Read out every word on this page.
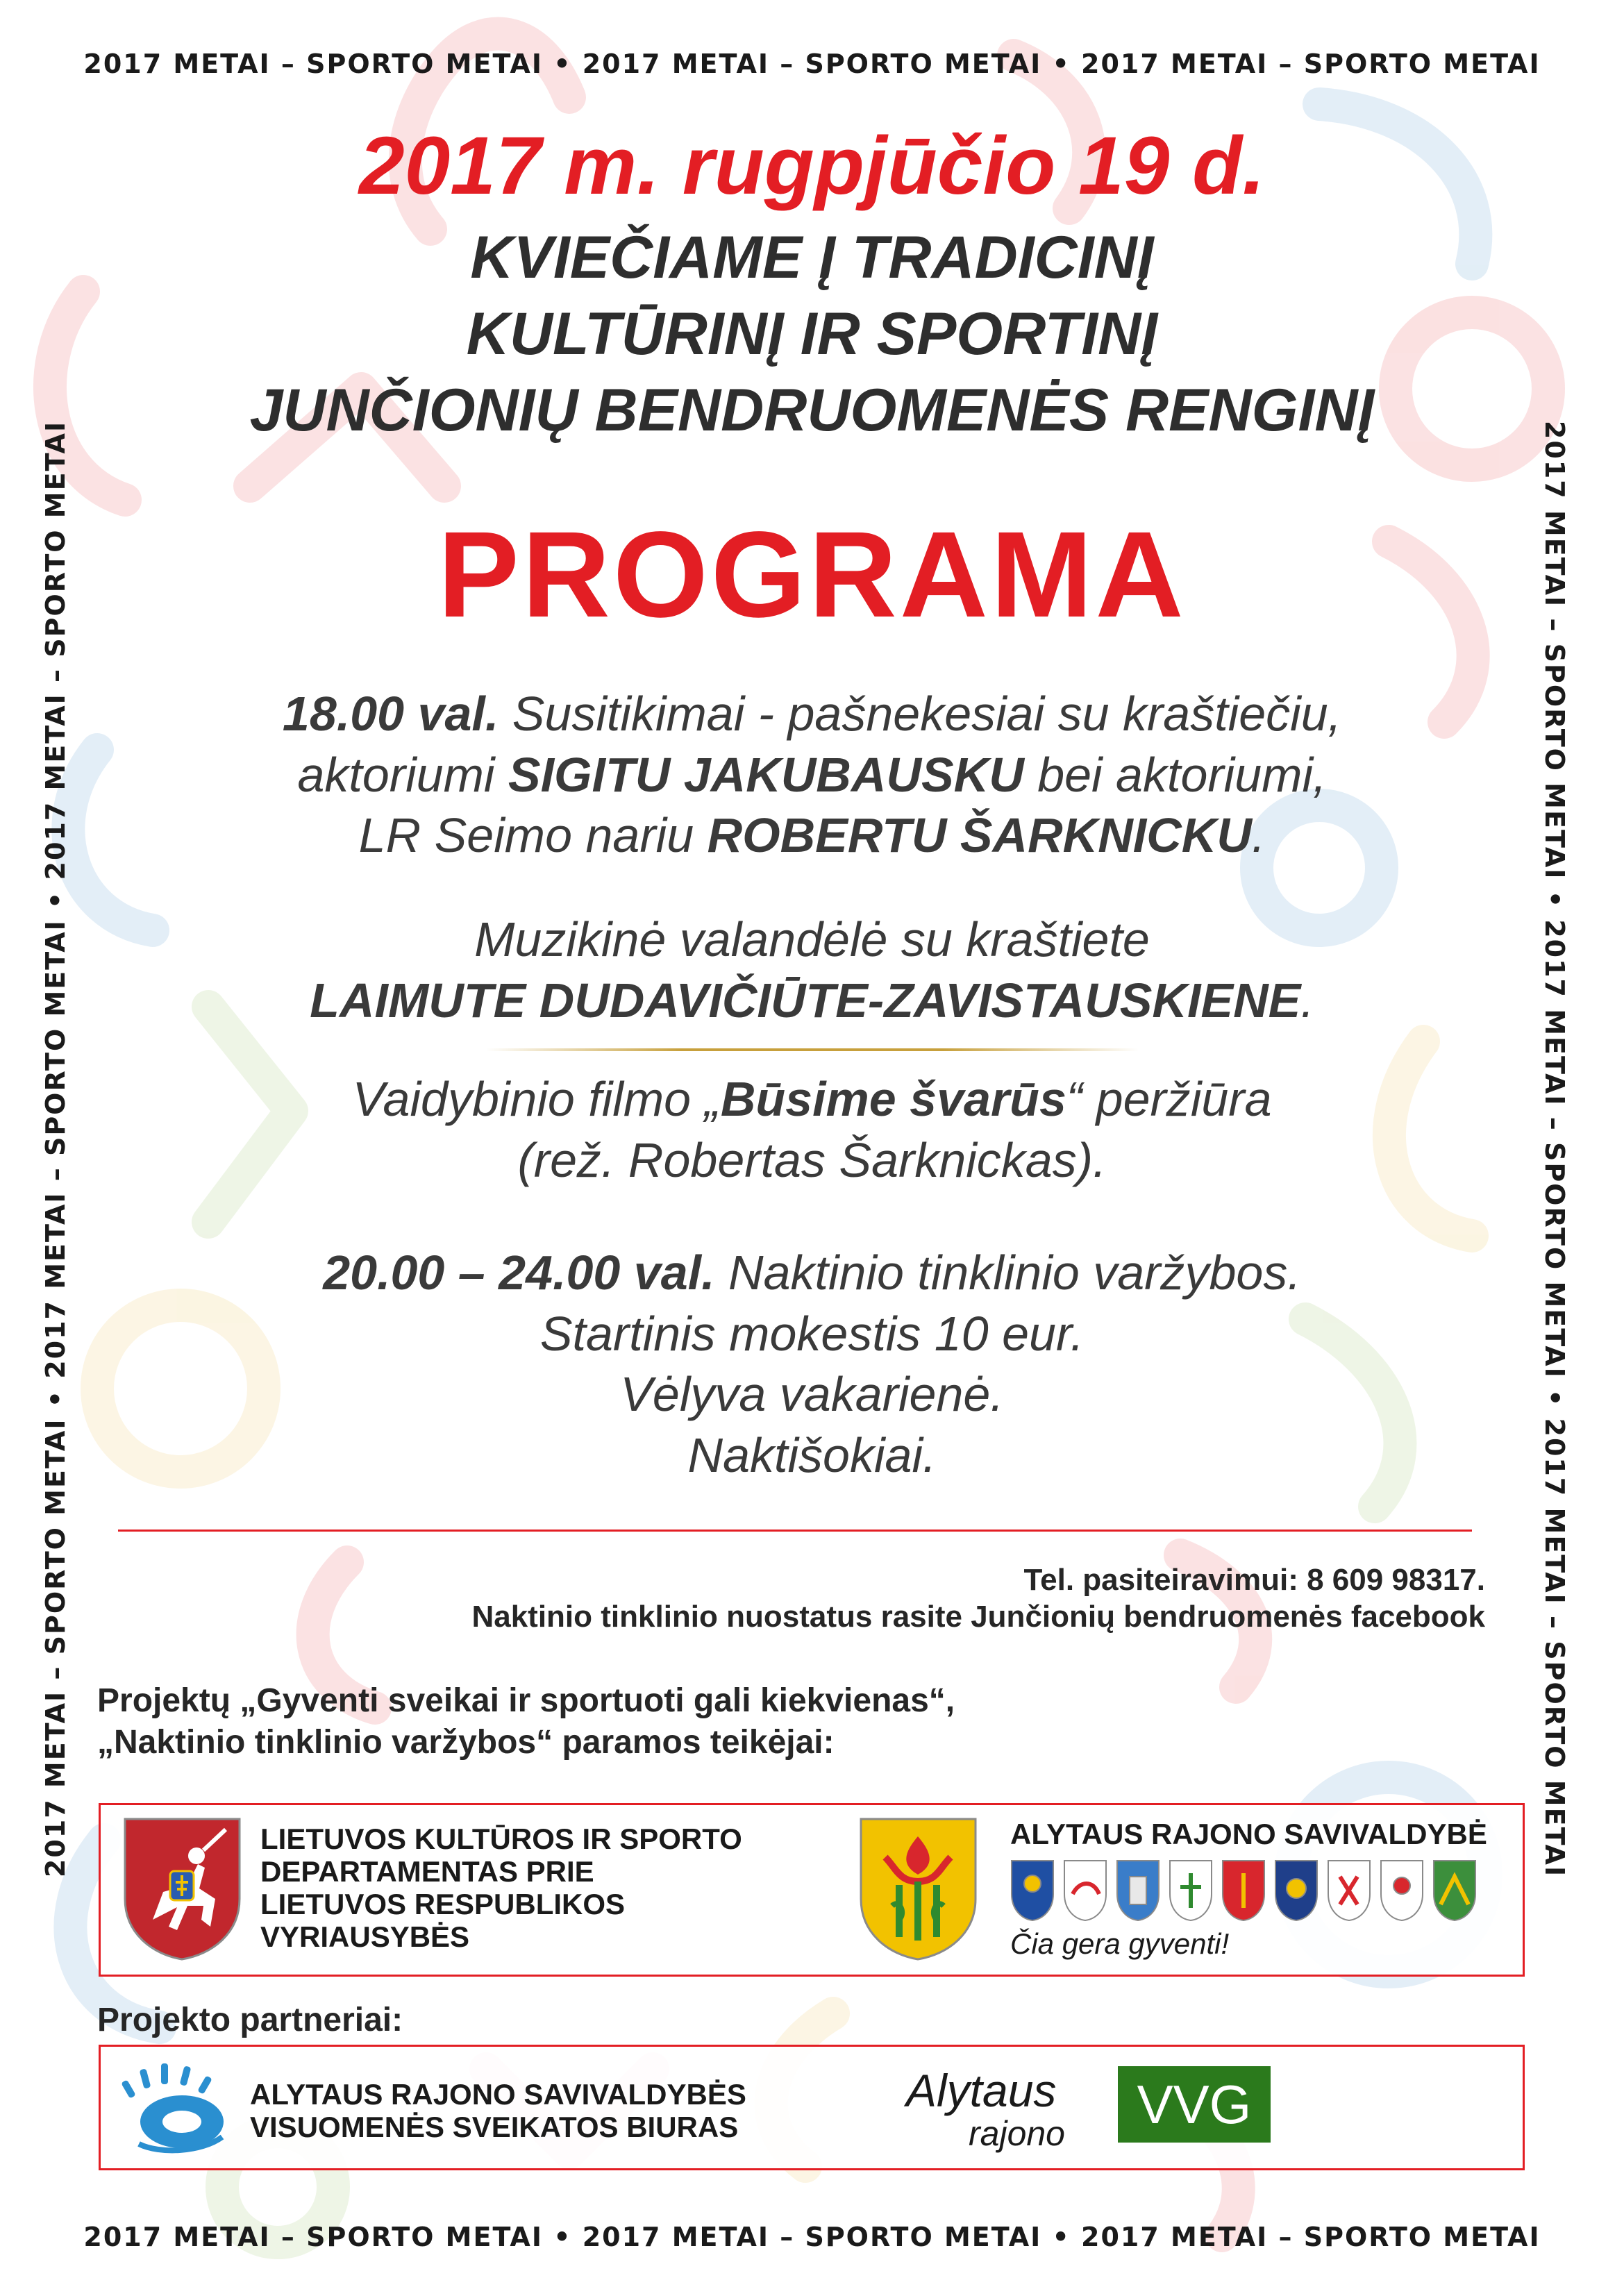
2017 METAI – SPORTO METAI • 2017 METAI – SPORTO METAI • 2017 METAI – SPORTO METAI
2017 METAI – SPORTO METAI • 2017 METAI – SPORTO METAI • 2017 METAI – SPORTO METAI
2017 METAI – SPORTO METAI • 2017 METAI – SPORTO METAI • 2017 METAI – SPORTO METAI	2017 METAI – SPORTO METAI • 2017 METAI – SPORTO METAI • 2017 METAI – SPORTO METAI
2017 m. rugpjūčio 19 d.
KVIEČIAME Į TRADICINĮ
KULTŪRINĮ IR SPORTINĮ
JUNČIONIŲ BENDRUOMENĖS RENGINĮ
PROGRAMA
18.00 val. Susitikimai - pašnekesiai su kraštiečiu,
aktoriumi SIGITU JAKUBAUSKU bei aktoriumi,
LR Seimo nariu ROBERTU ŠARKNICKU.
Muzikinė valandėlė su kraštiete
LAIMUTE DUDAVIČIŪTE-ZAVISTAUSKIENE.
Vaidybinio filmo „Būsime švarūs“ peržiūra
(rež. Robertas Šarknickas).
20.00 – 24.00 val. Naktinio tinklinio varžybos.
Startinis mokestis 10 eur.
Vėlyva vakarienė.
Naktišokiai.
Tel. pasiteiravimui: 8 609 98317.
Naktinio tinklinio nuostatus rasite Junčionių bendruomenės facebook
Projektų „Gyventi sveikai ir sportuoti gali kiekvienas“,
„Naktinio tinklinio varžybos“ paramos teikėjai:
LIETUVOS KULTŪROS IR SPORTO
DEPARTAMENTAS PRIE
LIETUVOS RESPUBLIKOS
VYRIAUSYBĖS
ALYTAUS RAJONO SAVIVALDYBĖ
Čia gera gyventi!
Projekto partneriai:
ALYTAUS RAJONO SAVIVALDYBĖS
VISUOMENĖS SVEIKATOS BIURAS
Alytaus
rajono	VVG
